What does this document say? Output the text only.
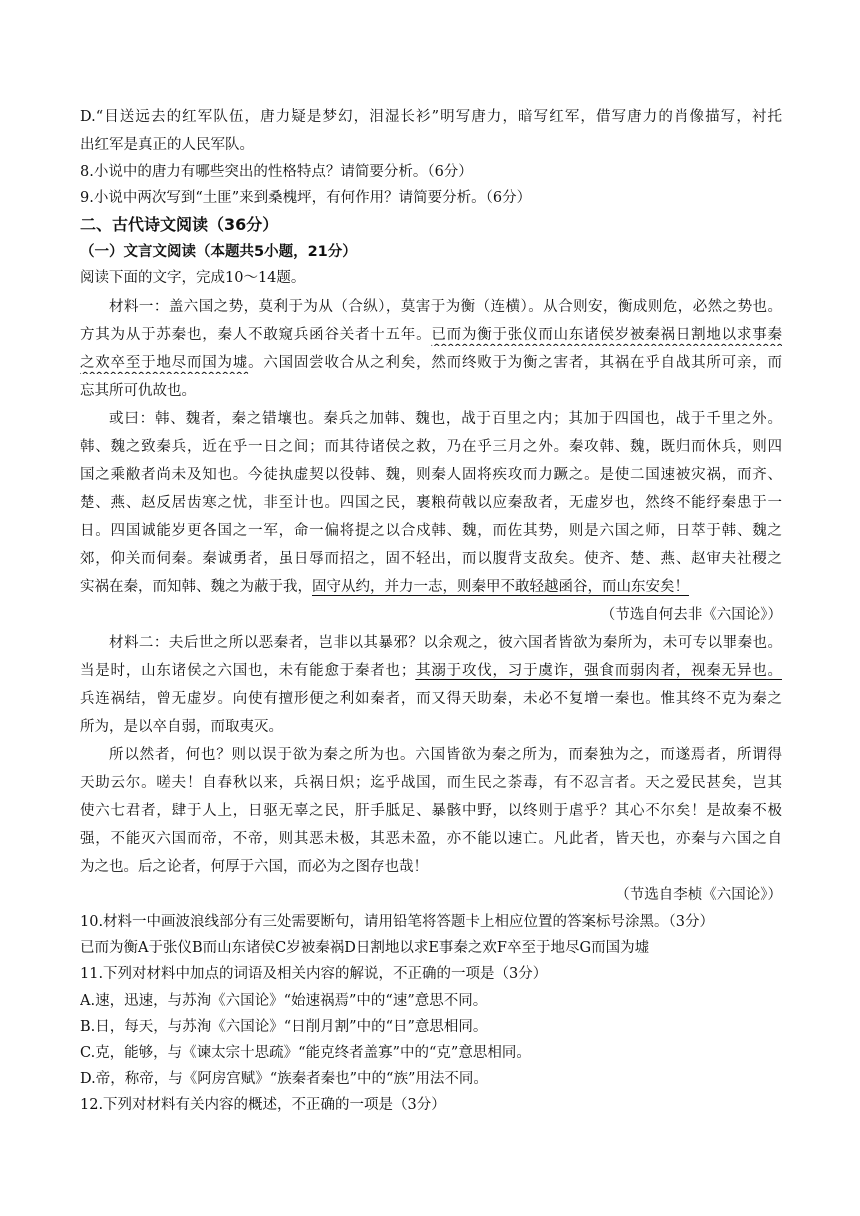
D.“目送远去的红军队伍，唐力疑是梦幻，泪湿长衫”明写唐力，暗写红军，借写唐力的肖像描写，衬托

出红军是真正的人民军队。

8.小说中的唐力有哪些突出的性格特点？请简要分析。（6分）

9.小说中两次写到“土匪”来到桑槐坪，有何作用？请简要分析。（6分）

二、古代诗文阅读（36分）

（一）文言文阅读（本题共5小题，21分）

阅读下面的文字，完成10～14题。

材料一：盖六国之势，莫利于为从（合纵），莫害于为衡（连横）。从合则安，衡成则危，必然之势也。

方其为从于苏秦也，秦人不敢窥兵函谷关者十五年。已而为衡于张仪而山东诸侯岁被秦祸日割地以求事秦

之欢卒至于地尽而国为墟。六国固尝收合从之利矣，然而终败于为衡之害者，其祸在乎自战其所可亲，而

忘其所可仇故也。

或曰：韩、魏者，秦之错壤也。秦兵之加韩、魏也，战于百里之内；其加于四国也，战于千里之外。

韩、魏之致秦兵，近在乎一日之间；而其待诸侯之救，乃在乎三月之外。秦攻韩、魏，既归而休兵，则四

国之乘敝者尚未及知也。今徒执虚契以役韩、魏，则秦人固将疾攻而力蹶之。是使二国速被灾祸，而齐、

楚、燕、赵反居齿寒之忧，非至计也。四国之民，裹粮荷戟以应秦敌者，无虚岁也，然终不能纾秦患于一

日。四国诚能岁更各国之一军，命一偏将提之以合戍韩、魏，而佐其势，则是六国之师，日萃于韩、魏之

郊，仰关而伺秦。秦诚勇者，虽日辱而招之，固不轻出，而以腹背支敌矣。使齐、楚、燕、赵审夫社稷之

实祸在秦，而知韩、魏之为蔽于我，固守从约，并力一志，则秦甲不敢轻越函谷，而山东安矣！

（节选自何去非《六国论》）

材料二：夫后世之所以恶秦者，岂非以其暴邪？以余观之，彼六国者皆欲为秦所为，未可专以罪秦也。

当是时，山东诸侯之六国也，未有能愈于秦者也；其溺于攻伐，习于虞诈，强食而弱肉者，视秦无异也。

兵连祸结，曾无虚岁。向使有擅形便之利如秦者，而又得天助秦，未必不复增一秦也。惟其终不克为秦之

所为，是以卒自弱，而取夷灭。

所以然者，何也？则以误于欲为秦之所为也。六国皆欲为秦之所为，而秦独为之，而遂焉者，所谓得

天助云尔。嗟夫！自春秋以来，兵祸日炽；迄乎战国，而生民之荼毒，有不忍言者。天之爱民甚矣，岂其

使六七君者，肆于人上，日驱无辜之民，肝手胝足、暴骸中野，以终则于虐乎？其心不尔矣！是故秦不极

强，不能灭六国而帝，不帝，则其恶未极，其恶未盈，亦不能以速亡。凡此者，皆天也，亦秦与六国之自

为之也。后之论者，何厚于六国，而必为之图存也哉！

（节选自李桢《六国论》）

10.材料一中画波浪线部分有三处需要断句，请用铅笔将答题卡上相应位置的答案标号涂黑。（3分）

已而为衡A于张仪B而山东诸侯C岁被秦祸D日割地以求E事秦之欢F卒至于地尽G而国为墟

11.下列对材料中加点的词语及相关内容的解说，不正确的一项是（3分）

A.速，迅速，与苏洵《六国论》“始速祸焉”中的“速”意思不同。

B.日，每天，与苏洵《六国论》“日削月割”中的“日”意思相同。

C.克，能够，与《谏太宗十思疏》“能克终者盖寡”中的“克”意思相同。

D.帝，称帝，与《阿房宫赋》“族秦者秦也”中的“族”用法不同。

12.下列对材料有关内容的概述，不正确的一项是（3分）
